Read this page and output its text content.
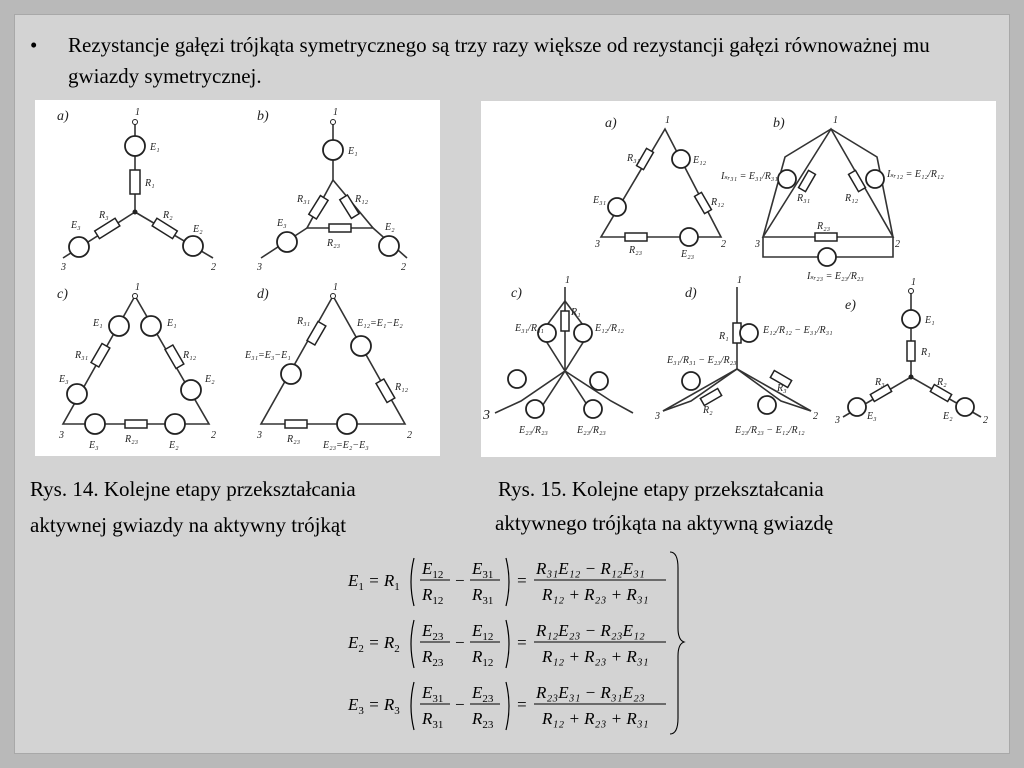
• Rezystancje gałęzi trójkąta symetrycznego są trzy razy większe od rezystancji gałęzi równoważnej mu gwiazdy symetrycznej.
a)	1
E₁
R₁
R₃	R₂
E₃	E₂
3	2
b)	1
E₁
R₃₁	R₁₂
R₂₃
E₃	E₂
3	2
c)	1
E₁	E₁
R₃₁	R₁₂
E₃	E₂
R₂₃
E₃	E₂
3	2
d)	1
R₃₁	E₁₂=E₁−E₂
E₃₁=E₃−E₁
R₁₂
R₂₃
E₂₃=E₂−E₃
3	2
a)	1
R₃₁	E₁₂
E₃₁	R₁₂
R₂₃	E₂₃
3	2
b)	1
Iₛᵣ₃₁ = E₃₁/R₃₁	Iₛᵣ₁₂ = E₁₂/R₁₂
R₃₁	R₁₂
R₂₃
Iₛᵣ₂₃ = E₂₃/R₂₃
3	2
c)
1
R₁
E₁₂/R₁₂
E₃₁/R₃₁
E₂₃/R₂₃	E₂₃/R₂₃
3
d)
1
R₁
E₁₂/R₁₂ − E₃₁/R₃₁
E₃₁/R₃₁ − E₂₃/R₂₃
R₂
R₃
E₂₃/R₂₃ − E₁₂/R₁₂
3	2
e)
1
E₁
R₁
R₃	R₂
E₃	E₂
3	2
Rys. 14. Kolejne etapy przekształcania
aktywnej gwiazdy na aktywny trójkąt
Rys. 15. Kolejne etapy przekształcania
aktywnego trójkąta na aktywną gwiazdę
$E_1 = R_1$
$E_{12}$
$R_{12}$
−
$E_{31}$
$R_{31}$
=
R₃₁E₁₂ − R₁₂E₃₁
R₁₂ + R₂₃ + R₃₁
$E_2 = R_2$
$E_{23}$
$R_{23}$
−
$E_{12}$
$R_{12}$
=
R₁₂E₂₃ − R₂₃E₁₂
R₁₂ + R₂₃ + R₃₁
$E_3 = R_3$
$E_{31}$
$R_{31}$
−
$E_{23}$
$R_{23}$
=
R₂₃E₃₁ − R₃₁E₂₃
R₁₂ + R₂₃ + R₃₁
